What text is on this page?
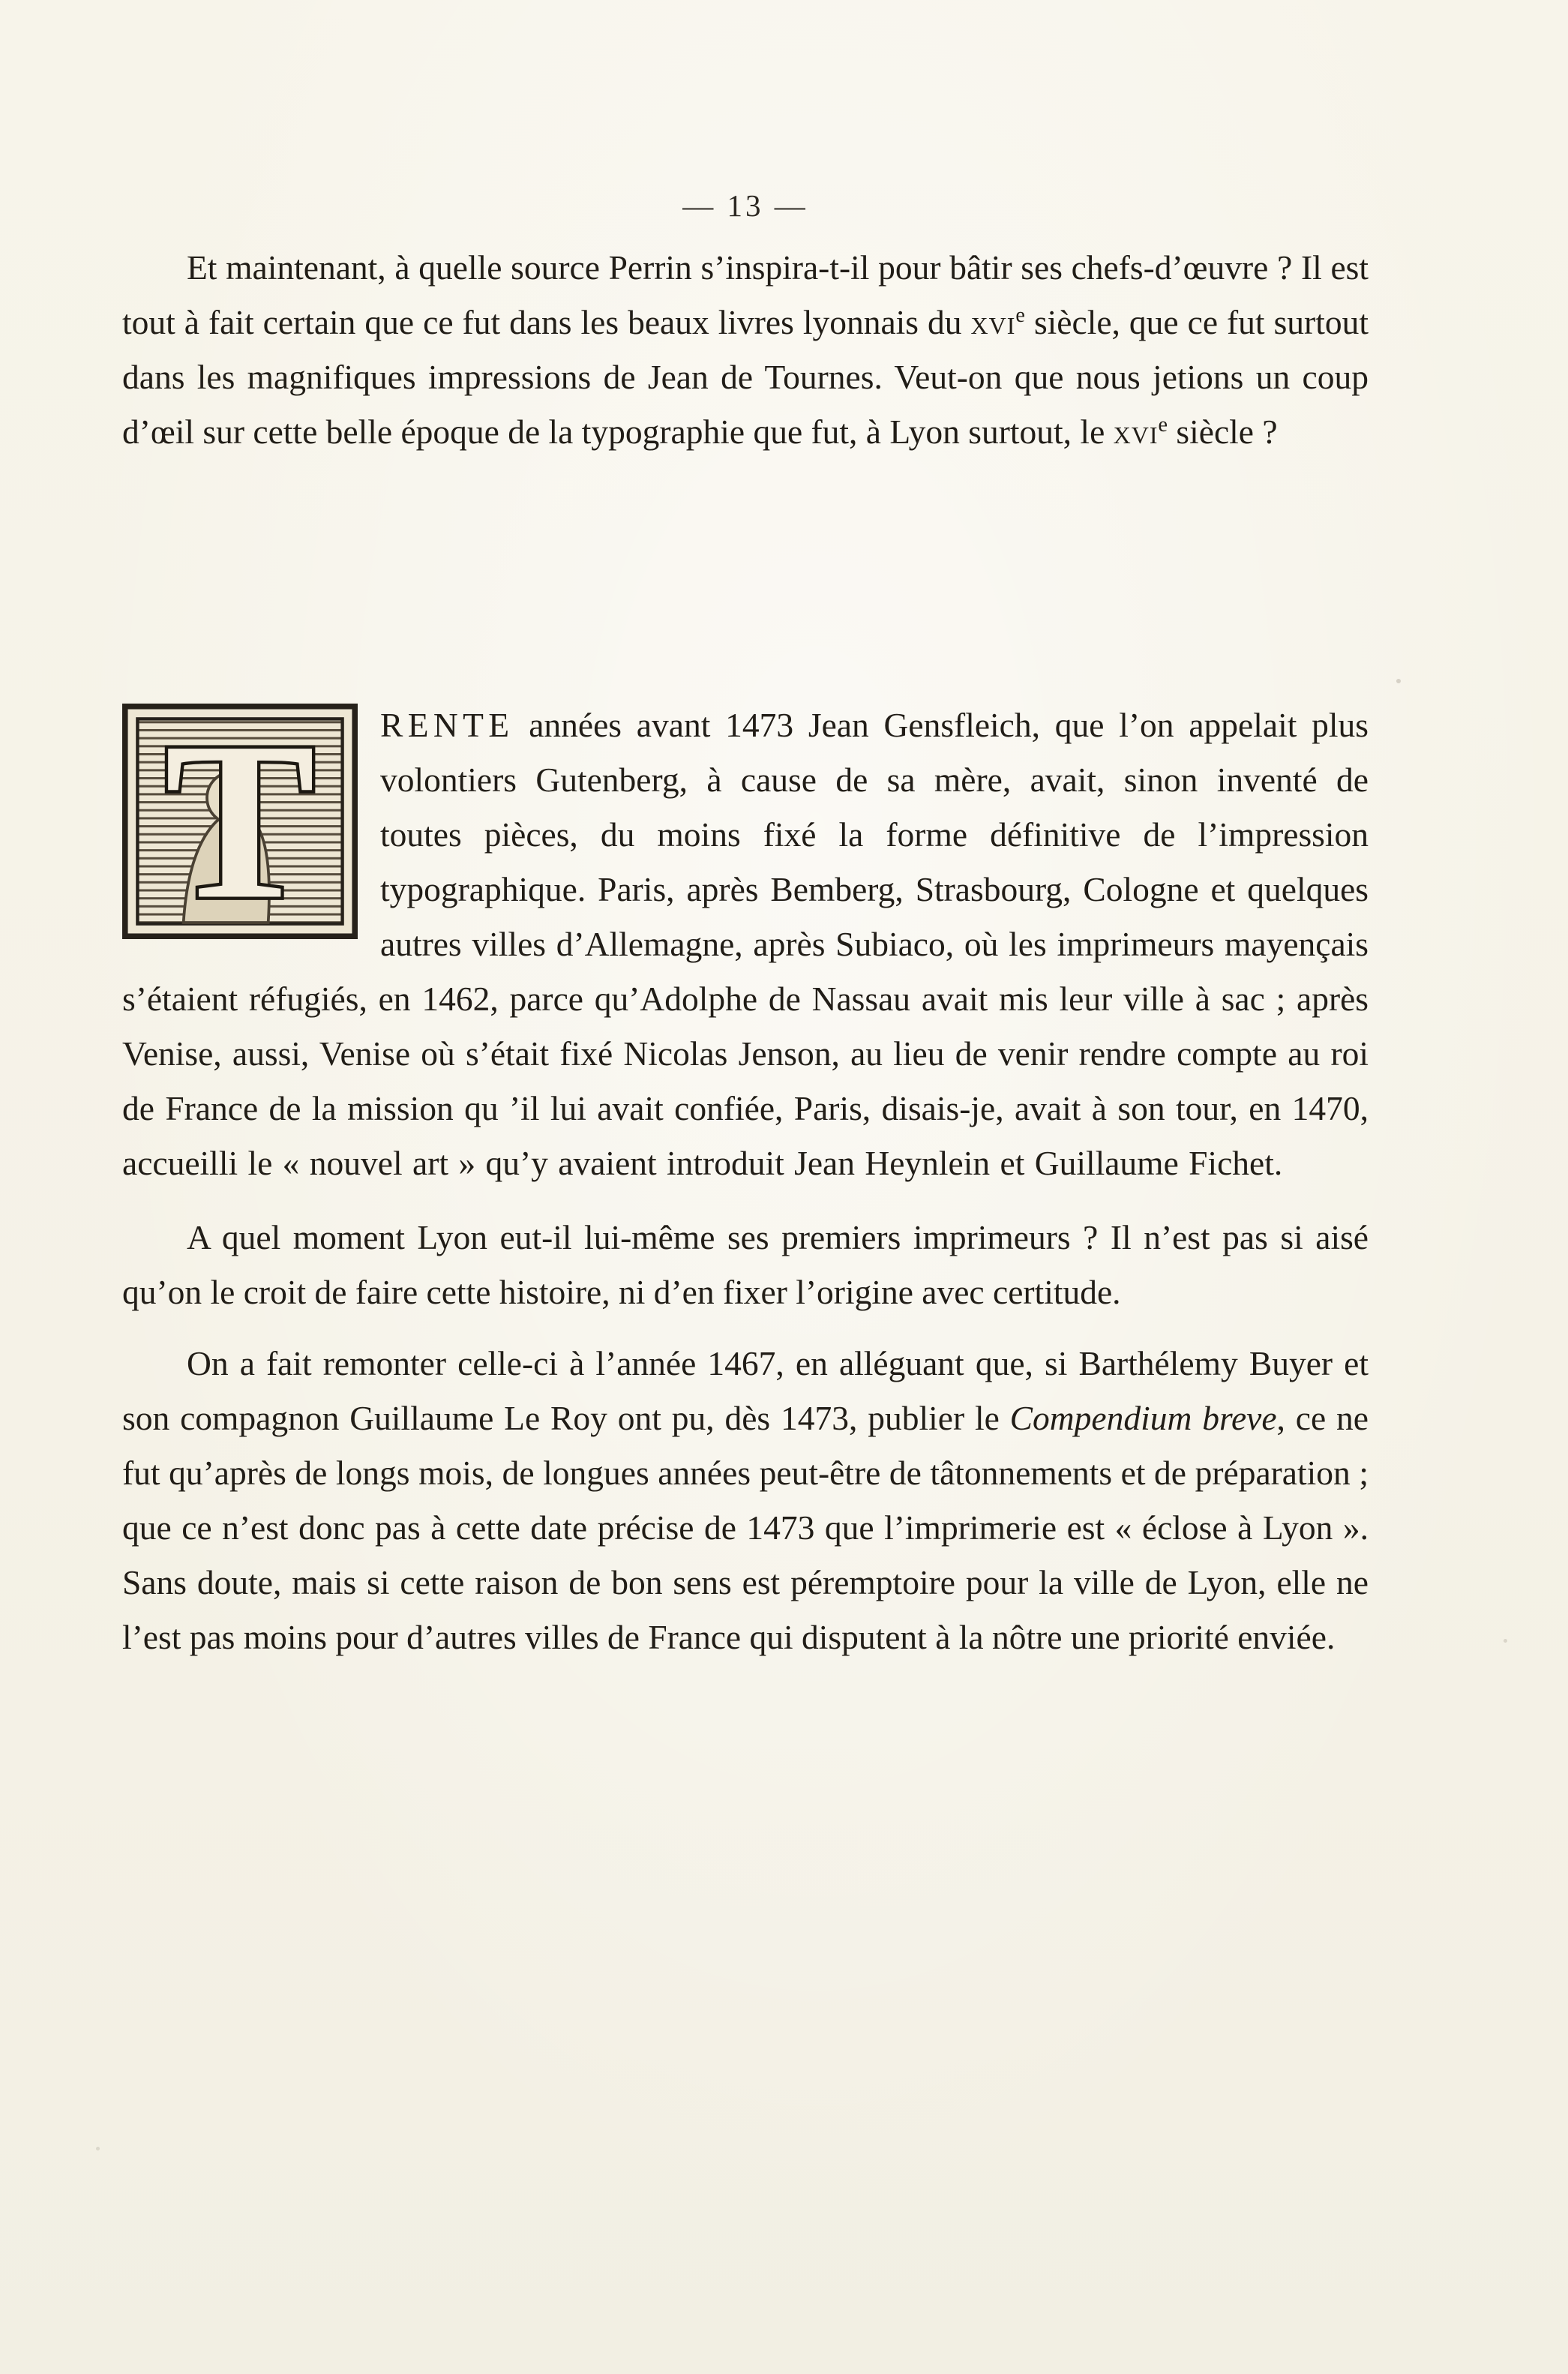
— 13 —

Et maintenant, à quelle source Perrin s’inspira-t-il pour bâtir ses chefs-d’œuvre ? Il est tout à fait certain que ce fut dans les beaux livres lyonnais du xvi$^e$ siècle, que ce fut surtout dans les magnifiques impressions de Jean de Tournes. Veut-on que nous jetions un coup d’œil sur cette belle époque de la typographie que fut, à Lyon surtout, le xvi$^e$ siècle ?

T RENTE années avant 1473 Jean Gensfleich, que l’on appelait plus volontiers Gutenberg, à cause de sa mère, avait, sinon inventé de toutes pièces, du moins fixé la forme définitive de l’impression typographique. Paris, après Bemberg, Strasbourg, Cologne et quelques autres villes d’Allemagne, après Subiaco, où les imprimeurs mayençais s’étaient réfugiés, en 1462, parce qu’Adolphe de Nassau avait mis leur ville à sac ; après Venise, aussi, Venise où s’était fixé Nicolas Jenson, au lieu de venir rendre compte au roi de France de la mission qu ’il lui avait confiée, Paris, disais-je, avait à son tour, en 1470, accueilli le « nouvel art » qu’y avaient introduit Jean Heynlein et Guillaume Fichet.

A quel moment Lyon eut-il lui-même ses premiers imprimeurs ? Il n’est pas si aisé qu’on le croit de faire cette histoire, ni d’en fixer l’origine avec certitude.

On a fait remonter celle-ci à l’année 1467, en alléguant que, si Barthélemy Buyer et son compagnon Guillaume Le Roy ont pu, dès 1473, publier le Compendium breve, ce ne fut qu’après de longs mois, de longues années peut-être de tâtonnements et de préparation ; que ce n’est donc pas à cette date précise de 1473 que l’imprimerie est « éclose à Lyon ». Sans doute, mais si cette raison de bon sens est péremptoire pour la ville de Lyon, elle ne l’est pas moins pour d’autres villes de France qui disputent à la nôtre une priorité enviée.
